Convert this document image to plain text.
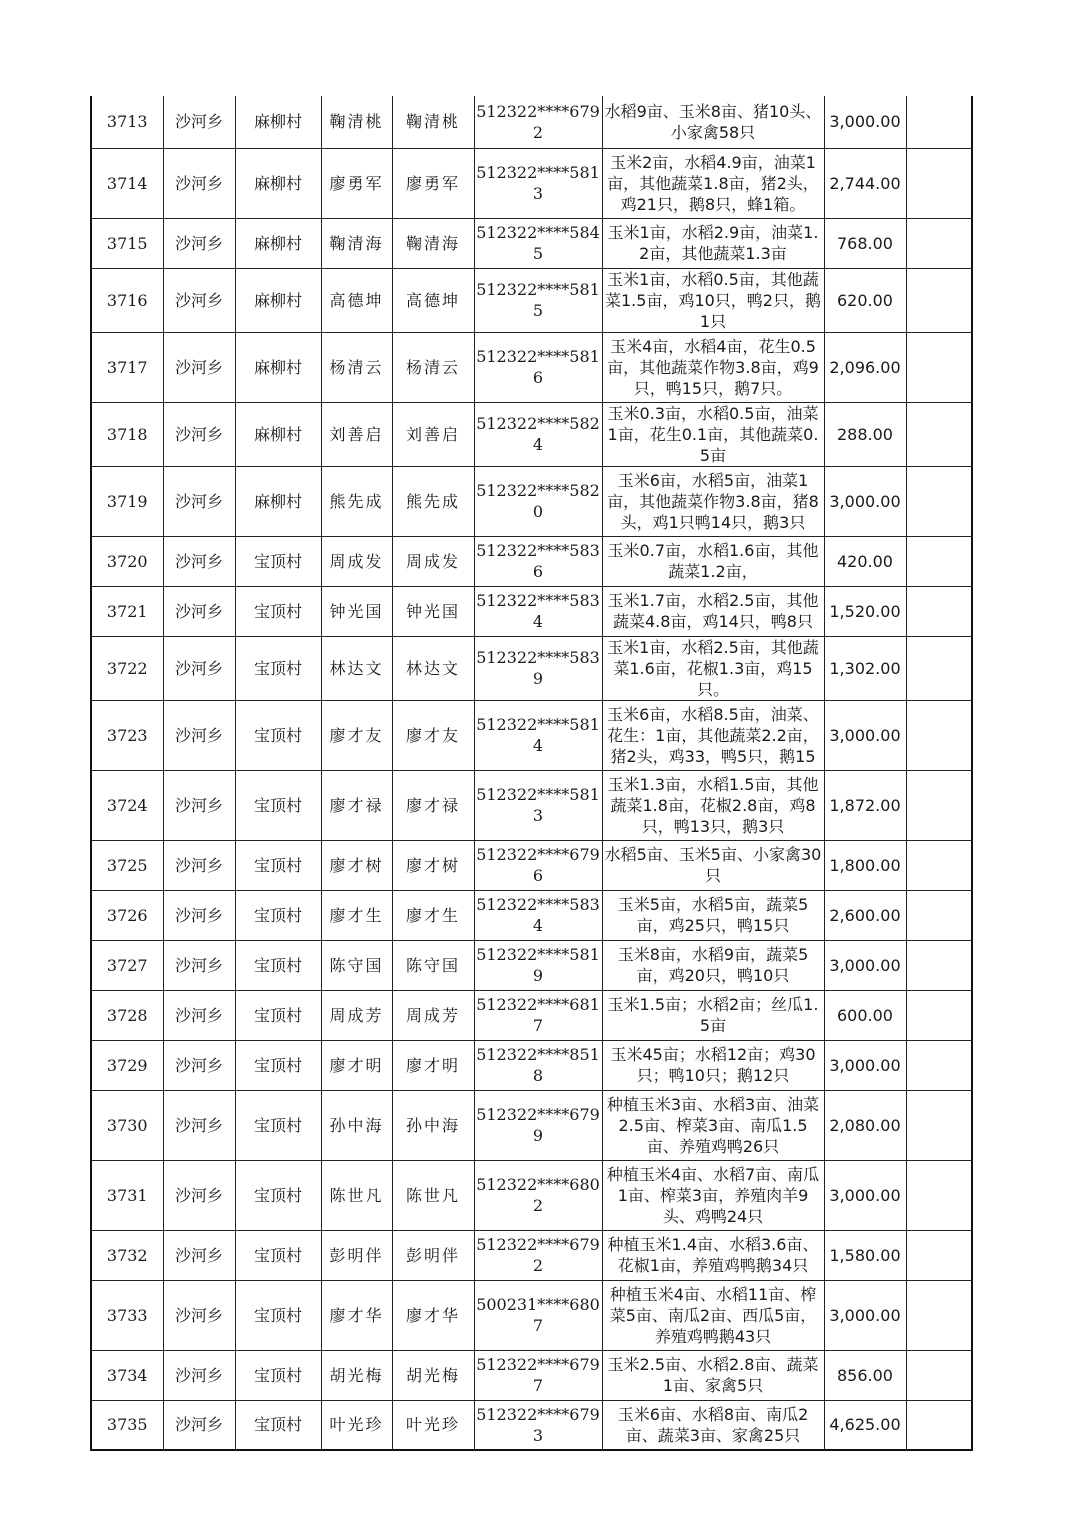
3713	沙河乡	麻柳村	鞠清桃	鞠清桃	512322****6792	水稻9亩、玉米8亩、猪10头、小家禽58只	3,000.00	
3714	沙河乡	麻柳村	廖勇军	廖勇军	512322****5813	玉米2亩，水稻4.9亩，油菜1亩，其他蔬菜1.8亩，猪2头，鸡21只，鹅8只，蜂1箱。	2,744.00	
3715	沙河乡	麻柳村	鞠清海	鞠清海	512322****5845	玉米1亩，水稻2.9亩，油菜1.2亩，其他蔬菜1.3亩	768.00	
3716	沙河乡	麻柳村	高德坤	高德坤	512322****5815	玉米1亩，水稻0.5亩，其他蔬菜1.5亩，鸡10只，鸭2只，鹅1只	620.00	
3717	沙河乡	麻柳村	杨清云	杨清云	512322****5816	玉米4亩，水稻4亩，花生0.5亩，其他蔬菜作物3.8亩，鸡9只，鸭15只，鹅7只。	2,096.00	
3718	沙河乡	麻柳村	刘善启	刘善启	512322****5824	玉米0.3亩，水稻0.5亩，油菜1亩，花生0.1亩，其他蔬菜0.5亩	288.00	
3719	沙河乡	麻柳村	熊先成	熊先成	512322****5820	玉米6亩，水稻5亩，油菜1亩，其他蔬菜作物3.8亩，猪8头，鸡1只鸭14只，鹅3只	3,000.00	
3720	沙河乡	宝顶村	周成发	周成发	512322****5836	玉米0.7亩，水稻1.6亩，其他蔬菜1.2亩，	420.00	
3721	沙河乡	宝顶村	钟光国	钟光国	512322****5834	玉米1.7亩，水稻2.5亩，其他蔬菜4.8亩，鸡14只，鸭8只	1,520.00	
3722	沙河乡	宝顶村	林达文	林达文	512322****5839	玉米1亩，水稻2.5亩，其他蔬菜1.6亩，花椒1.3亩，鸡15只。	1,302.00	
3723	沙河乡	宝顶村	廖才友	廖才友	512322****5814	玉米6亩，水稻8.5亩，油菜、花生：1亩，其他蔬菜2.2亩，猪2头，鸡33，鸭5只，鹅15	3,000.00	
3724	沙河乡	宝顶村	廖才禄	廖才禄	512322****5813	玉米1.3亩，水稻1.5亩，其他蔬菜1.8亩，花椒2.8亩，鸡8只，鸭13只，鹅3只	1,872.00	
3725	沙河乡	宝顶村	廖才树	廖才树	512322****6796	水稻5亩、玉米5亩、小家禽30只	1,800.00	
3726	沙河乡	宝顶村	廖才生	廖才生	512322****5834	玉米5亩，水稻5亩，蔬菜5亩，鸡25只，鸭15只	2,600.00	
3727	沙河乡	宝顶村	陈守国	陈守国	512322****5819	玉米8亩，水稻9亩，蔬菜5亩，鸡20只，鸭10只	3,000.00	
3728	沙河乡	宝顶村	周成芳	周成芳	512322****6817	玉米1.5亩；水稻2亩；丝瓜1.5亩	600.00	
3729	沙河乡	宝顶村	廖才明	廖才明	512322****8518	玉米45亩；水稻12亩；鸡30只；鸭10只；鹅12只	3,000.00	
3730	沙河乡	宝顶村	孙中海	孙中海	512322****6799	种植玉米3亩、水稻3亩、油菜2.5亩、榨菜3亩、南瓜1.5亩、养殖鸡鸭26只	2,080.00	
3731	沙河乡	宝顶村	陈世凡	陈世凡	512322****6802	种植玉米4亩、水稻7亩、南瓜1亩、榨菜3亩，养殖肉羊9头、鸡鸭24只	3,000.00	
3732	沙河乡	宝顶村	彭明伴	彭明伴	512322****6792	种植玉米1.4亩、水稻3.6亩、花椒1亩，养殖鸡鸭鹅34只	1,580.00	
3733	沙河乡	宝顶村	廖才华	廖才华	500231****6807	种植玉米4亩、水稻11亩、榨菜5亩、南瓜2亩、西瓜5亩，养殖鸡鸭鹅43只	3,000.00	
3734	沙河乡	宝顶村	胡光梅	胡光梅	512322****6797	玉米2.5亩、水稻2.8亩、蔬菜1亩、家禽5只	856.00	
3735	沙河乡	宝顶村	叶光珍	叶光珍	512322****6793	玉米6亩、水稻8亩、南瓜2亩、蔬菜3亩、家禽25只	4,625.00	
